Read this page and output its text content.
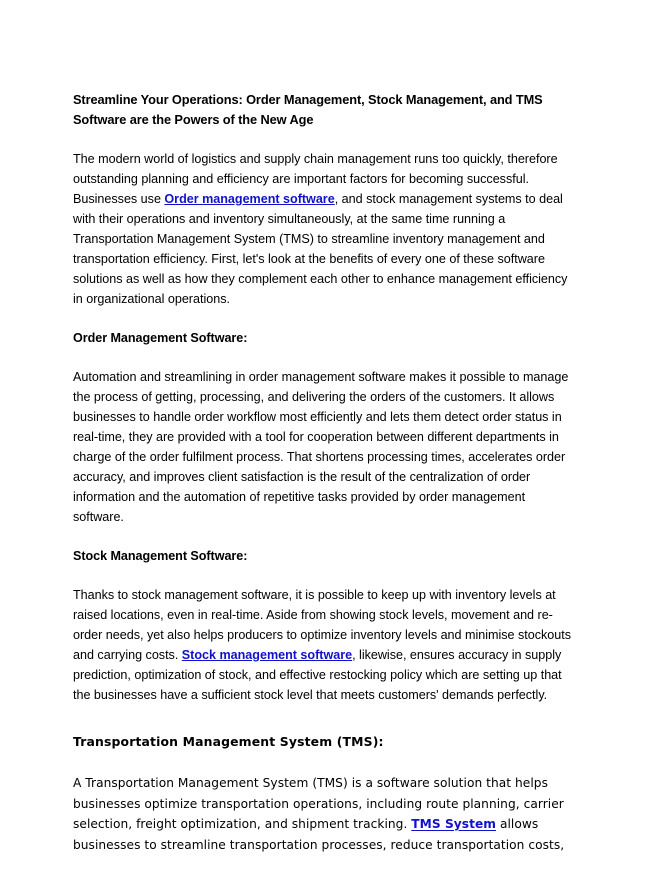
Streamline Your Operations: Order Management, Stock Management, and TMS Software are the Powers of the New Age

The modern world of logistics and supply chain management runs too quickly, therefore outstanding planning and efficiency are important factors for becoming successful. Businesses use Order management software, and stock management systems to deal with their operations and inventory simultaneously, at the same time running a Transportation Management System (TMS) to streamline inventory management and transportation efficiency. First, let's look at the benefits of every one of these software solutions as well as how they complement each other to enhance management efficiency in organizational operations.

Order Management Software:

Automation and streamlining in order management software makes it possible to manage the process of getting, processing, and delivering the orders of the customers. It allows businesses to handle order workflow most efficiently and lets them detect order status in real-time, they are provided with a tool for cooperation between different departments in charge of the order fulfilment process. That shortens processing times, accelerates order accuracy, and improves client satisfaction is the result of the centralization of order information and the automation of repetitive tasks provided by order management software.

Stock Management Software:

Thanks to stock management software, it is possible to keep up with inventory levels at raised locations, even in real-time. Aside from showing stock levels, movement and re-order needs, yet also helps producers to optimize inventory levels and minimise stockouts and carrying costs. Stock management software, likewise, ensures accuracy in supply prediction, optimization of stock, and effective restocking policy which are setting up that the businesses have a sufficient stock level that meets customers' demands perfectly.

Transportation Management System (TMS):

A Transportation Management System (TMS) is a software solution that helps businesses optimize transportation operations, including route planning, carrier selection, freight optimization, and shipment tracking. TMS System allows businesses to streamline transportation processes, reduce transportation costs,
